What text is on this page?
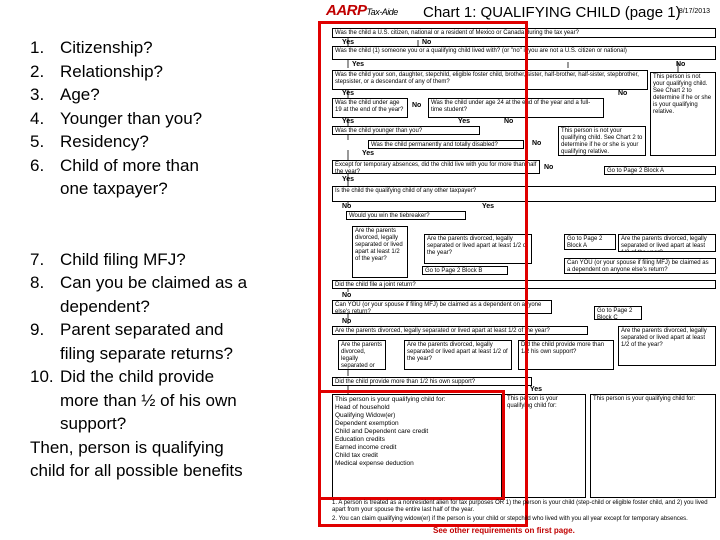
1. Citizenship?
2. Relationship?
3. Age?
4. Younger than you?
5. Residency?
6. Child of more than
one taxpayer?
7. Child filing MFJ?
8. Can you be claimed as a
dependent?
9. Parent separated and
filing separate returns?
10. Did the child provide
more than ½ of his own
support?
Then, person is qualifying
child for all possible benefits
AARPTax-Aide Chart 1: QUALIFYING CHILD (page 1)
8/17/2013
Was the child a U.S. citizen, national or a resident of Mexico or Canada during the tax year?
Yes	No
Was the child (1) someone you or a qualifying child lived with? (or "no" if you are not a U.S. citizen or national)
Yes	No
Was the child your son, daughter, stepchild, eligible foster child, brother, sister, half-brother, half-sister, stepbrother, stepsister, or a descendant of any of them?
This person is not your qualifying child. See Chart 2 to determine if he or she is your qualifying relative.
Yes	No
Was the child under age 19 at the end of the year?
No	Was the child under age 24 at the end of the year and a full-time student?
Yes	Yes	No
Was the child younger than you?	This person is not your qualifying child. See Chart 2 to determine if he or she is your qualifying relative.
Was the child permanently and totally disabled?
Yes
No
Except for temporary absences, did the child live with you for more than half the year?
No	Go to Page 2 Block A
Yes
Is the child the qualifying child of any other taxpayer?
No	Yes
Would you win the tiebreaker?
Are the parents divorced, legally separated or lived apart at least 1/2 of the year?
Are the parents divorced, legally separated or lived apart at least 1/2 of the year?
Go to Page 2 Block A
Are the parents divorced, legally separated or lived apart at least
Go to Page 2 Block B
Can YOU (or your spouse if filing MFJ) be claimed as a dependent on anyone else's return?
Did the child file a joint return?
No
Can YOU (or your spouse if filing MFJ) be claimed as a dependent on anyone else's return?	Go to Page 2 Block C
No
Are the parents divorced, legally separated or lived apart at least 1/2 of the year?	Are the parents divorced, legally separated or lived apart at least 1/2 of the year?
Are the parents divorced, legally separated or
Are the parents divorced, legally separated or lived apart at least 1/2 of the year?
Did the child provide more than 1/2 his own support?
Did the child provide more than 1/2 his own support?
Yes
This person is your qualifying child for:
Head of household
Qualifying Widow(er)
Dependent exemption
Child and Dependent care credit
Education credits
Earned income credit
Child tax credit
Medical expense deduction
This person is your qualifying child for:
This person is your qualifying child for:
1. A person is treated as a nonresident alien for tax purposes OR 1) the person is your child (step-child or eligible foster child, and 2) you lived apart from your spouse the entire last half of the year.
2. You can claim qualifying widow(er) if the person is your child or stepchild who lived with you all year except for temporary absences.
See other requirements on first page.
